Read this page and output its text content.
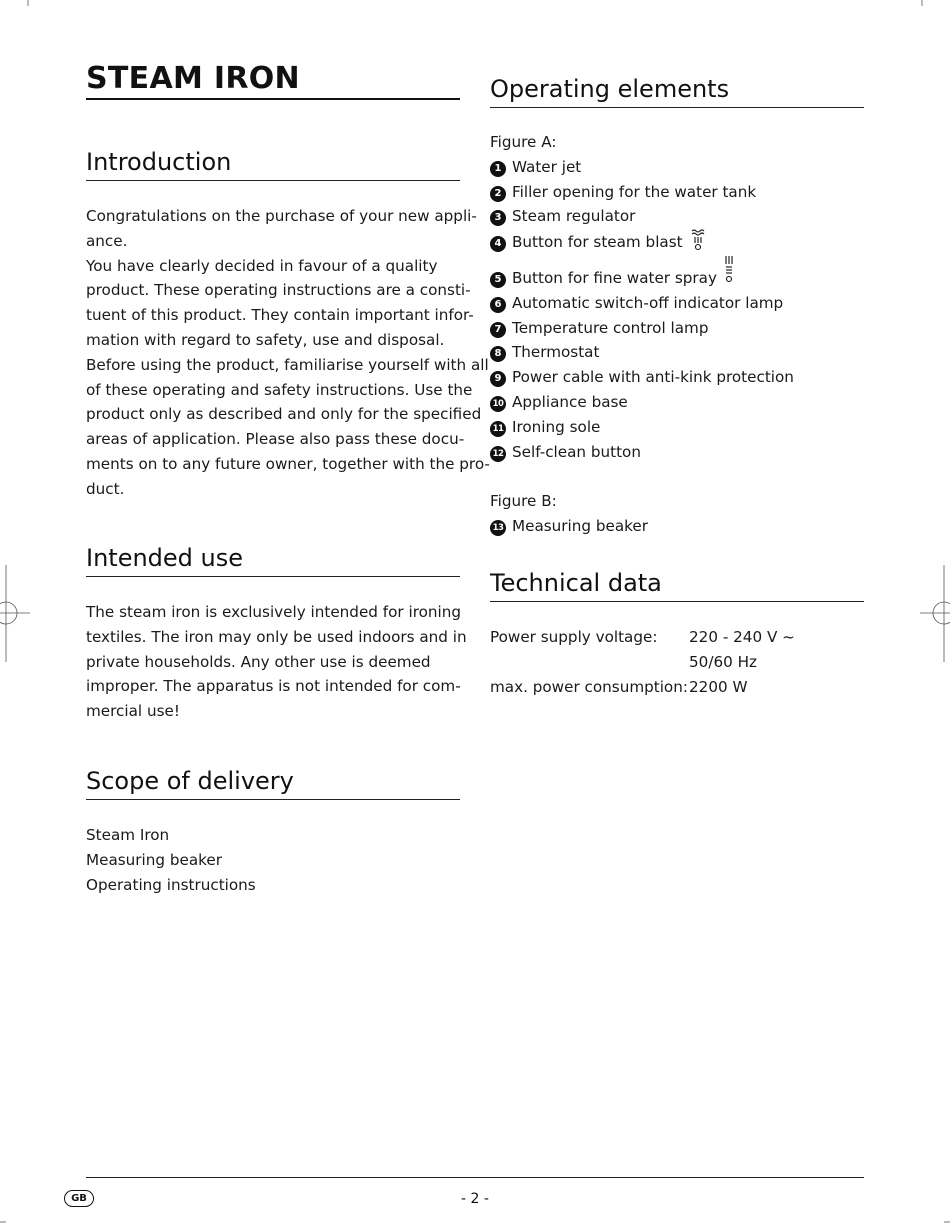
STEAM IRON
Introduction
Congratulations on the purchase of your new appli-
ance.
You have clearly decided in favour of a quality
product. These operating instructions are a consti-
tuent of this product. They contain important infor-
mation with regard to safety, use and disposal.
Before using the product, familiarise yourself with all
of these operating and safety instructions. Use the
product only as described and only for the specified
areas of application. Please also pass these docu-
ments on to any future owner, together with the pro-
duct.
Intended use
The steam iron is exclusively intended for ironing
textiles. The iron may only be used indoors and in
private households. Any other use is deemed
improper. The apparatus is not intended for com-
mercial use!
Scope of delivery
Steam Iron
Measuring beaker
Operating instructions
Operating elements
Figure A:
1 Water jet
2 Filler opening for the water tank
3 Steam regulator
4 Button for steam blast
5 Button for fine water spray
6 Automatic switch-off indicator lamp
7 Temperature control lamp
8 Thermostat
9 Power cable with anti-kink protection
10 Appliance base
11 Ironing sole
12 Self-clean button
Figure B:
13 Measuring beaker
Technical data
Power supply voltage:	220 - 240 V ~
50/60 Hz
max. power consumption: 2200 W
GB	- 2 -
